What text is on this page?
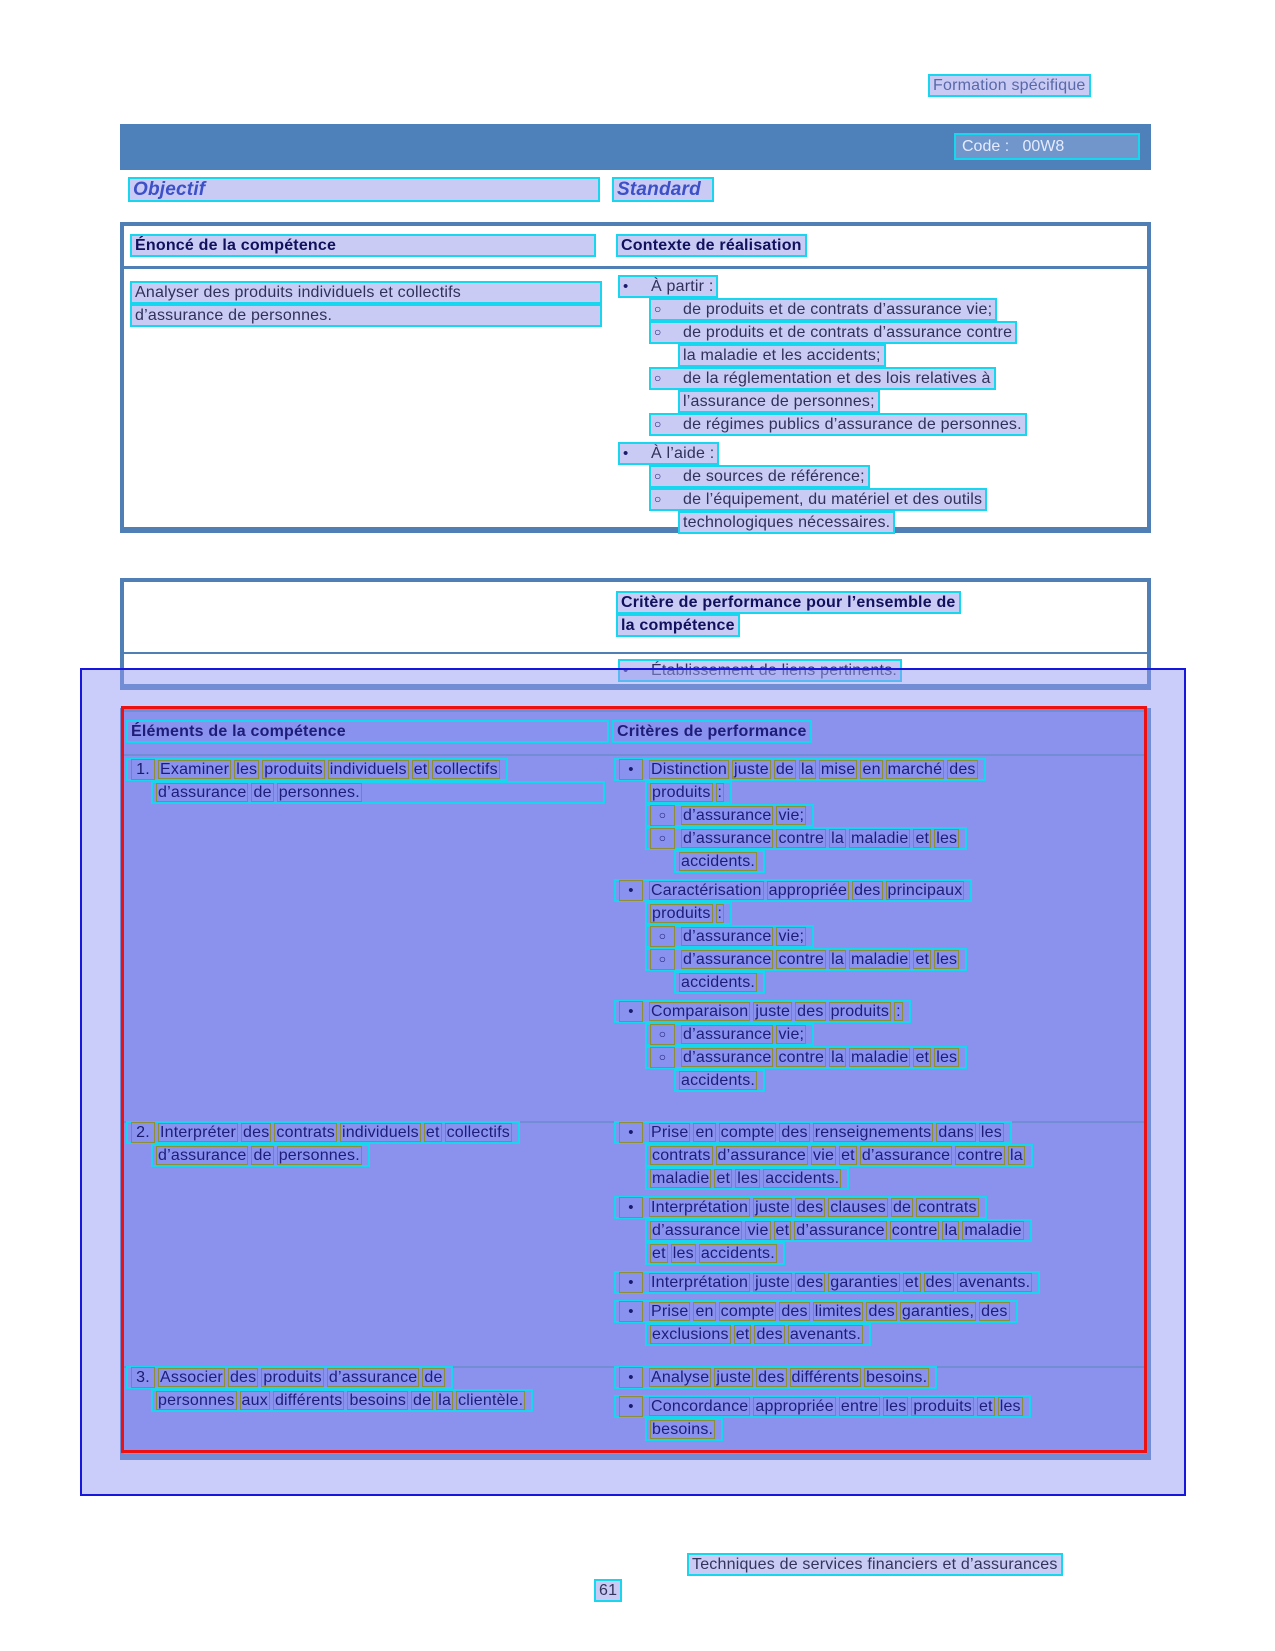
Formation spécifique
Code :   00W8
Objectif	Standard
Énoncé de la compétence	Contexte de réalisation
Analyser des produits individuels et collectifs
d’assurance de personnes.
•	À partir :
○	de produits et de contrats d’assurance vie;
○	de produits et de contrats d’assurance contre
la maladie et les accidents;
○	de la réglementation et des lois relatives à
l’assurance de personnes;
○	de régimes publics d’assurance de personnes.
•	À l’aide :
○	de sources de référence;
○	de l’équipement, du matériel et des outils
technologiques nécessaires.
Critère de performance pour l’ensemble de
la compétence
Éléments de la compétence	Critères de performance
1. Examiner les produits individuels et collectifs
d’assurance de personnes.
•	Distinction juste de la mise en marché des
produits :
○	d’assurance vie;
○	d’assurance contre la maladie et les
accidents.
•	Caractérisation appropriée des principaux
produits :
○	d’assurance vie;
○	d’assurance contre la maladie et les
accidents.
•	Comparaison juste des produits :
○	d’assurance vie;
○	d’assurance contre la maladie et les
accidents.
2. Interpréter des contrats individuels et collectifs
d’assurance de personnes.
•	Prise en compte des renseignements dans les
contrats d’assurance vie et d’assurance contre la
maladie et les accidents.
•	Interprétation juste des clauses de contrats
d’assurance vie et d’assurance contre la maladie
et les accidents.
•	Interprétation juste des garanties et des avenants.
•	Prise en compte des limites des garanties, des
exclusions et des avenants.
3. Associer des produits d’assurance de
personnes aux différents besoins de la clientèle.
•	Analyse juste des différents besoins.
•	Concordance appropriée entre les produits et les
besoins.
Techniques de services financiers et d’assurances
61
